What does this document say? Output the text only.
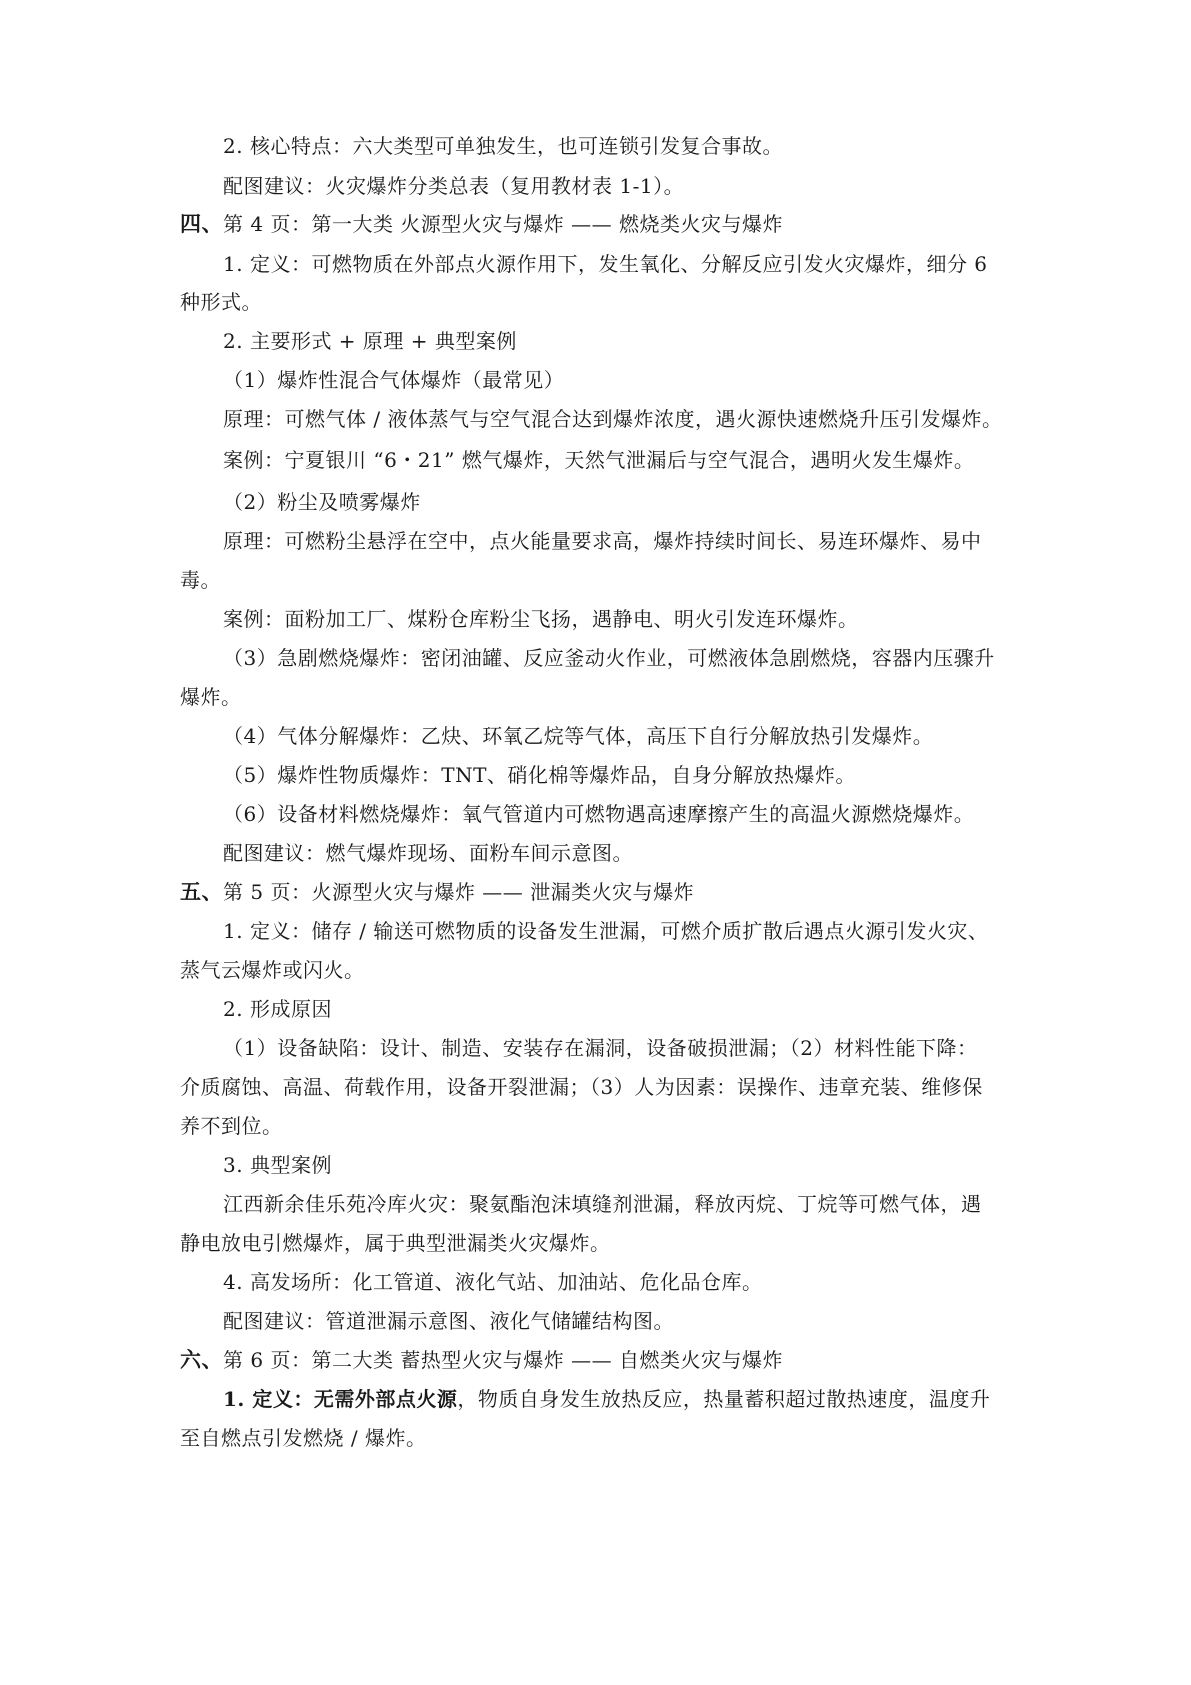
2. 核心特点：六大类型可单独发生，也可连锁引发复合事故。
配图建议：火灾爆炸分类总表（复用教材表 1-1）。
四、第 4 页：第一大类 火源型火灾与爆炸 —— 燃烧类火灾与爆炸
1. 定义：可燃物质在外部点火源作用下，发生氧化、分解反应引发火灾爆炸，细分 6
种形式。
2. 主要形式 + 原理 + 典型案例
（1）爆炸性混合气体爆炸（最常见）
原理：可燃气体 / 液体蒸气与空气混合达到爆炸浓度，遇火源快速燃烧升压引发爆炸。
案例：宁夏银川 “6・21” 燃气爆炸，天然气泄漏后与空气混合，遇明火发生爆炸。
（2）粉尘及喷雾爆炸
原理：可燃粉尘悬浮在空中，点火能量要求高，爆炸持续时间长、易连环爆炸、易中
毒。
案例：面粉加工厂、煤粉仓库粉尘飞扬，遇静电、明火引发连环爆炸。
（3）急剧燃烧爆炸：密闭油罐、反应釜动火作业，可燃液体急剧燃烧，容器内压骤升
爆炸。
（4）气体分解爆炸：乙炔、环氧乙烷等气体，高压下自行分解放热引发爆炸。
（5）爆炸性物质爆炸：TNT、硝化棉等爆炸品，自身分解放热爆炸。
（6）设备材料燃烧爆炸：氧气管道内可燃物遇高速摩擦产生的高温火源燃烧爆炸。
配图建议：燃气爆炸现场、面粉车间示意图。
五、第 5 页：火源型火灾与爆炸 —— 泄漏类火灾与爆炸
1. 定义：储存 / 输送可燃物质的设备发生泄漏，可燃介质扩散后遇点火源引发火灾、
蒸气云爆炸或闪火。
2. 形成原因
（1）设备缺陷：设计、制造、安装存在漏洞，设备破损泄漏；（2）材料性能下降：
介质腐蚀、高温、荷载作用，设备开裂泄漏；（3）人为因素：误操作、违章充装、维修保
养不到位。
3. 典型案例
江西新余佳乐苑冷库火灾：聚氨酯泡沫填缝剂泄漏，释放丙烷、丁烷等可燃气体，遇
静电放电引燃爆炸，属于典型泄漏类火灾爆炸。
4. 高发场所：化工管道、液化气站、加油站、危化品仓库。
配图建议：管道泄漏示意图、液化气储罐结构图。
六、第 6 页：第二大类 蓄热型火灾与爆炸 —— 自燃类火灾与爆炸
1. 定义：无需外部点火源，物质自身发生放热反应，热量蓄积超过散热速度，温度升
至自燃点引发燃烧 / 爆炸。
